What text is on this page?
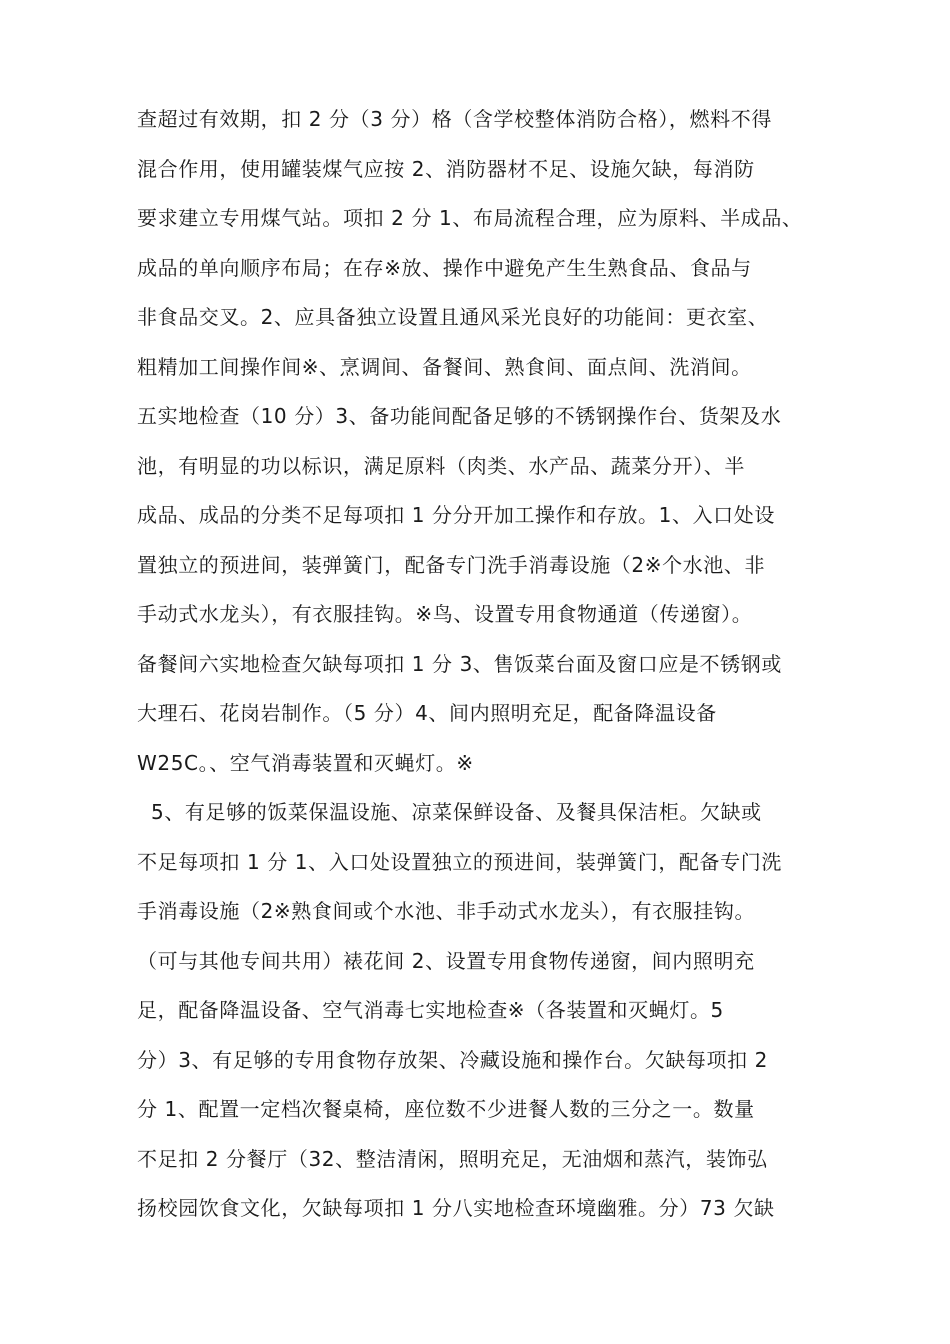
查超过有效期，扣 2 分（3 分）格（含学校整体消防合格），燃料不得
混合作用，使用罐装煤气应按 2、消防器材不足、设施欠缺，每消防
要求建立专用煤气站。项扣 2 分 1、布局流程合理，应为原料、半成品、
成品的单向顺序布局；在存※放、操作中避免产生生熟食品、食品与
非食品交叉。2、应具备独立设置且通风采光良好的功能间：更衣室、
粗精加工间操作间※、烹调间、备餐间、熟食间、面点间、洗消间。
五实地检查（10 分）3、备功能间配备足够的不锈钢操作台、货架及水
池，有明显的功以标识，满足原料（肉类、水产品、蔬菜分开）、半
成品、成品的分类不足每项扣 1 分分开加工操作和存放。1、入口处设
置独立的预进间，装弹簧门，配备专门洗手消毒设施（2※个水池、非
手动式水龙头），有衣服挂钩。※鸟、设置专用食物通道（传递窗）。
备餐间六实地检查欠缺每项扣 1 分 3、售饭菜台面及窗口应是不锈钢或
大理石、花岗岩制作。（5 分）4、间内照明充足，配备降温设备
W25C。、空气消毒装置和灭蝇灯。※
5、有足够的饭菜保温设施、凉菜保鲜设备、及餐具保洁柜。欠缺或
不足每项扣 1 分 1、入口处设置独立的预进间，装弹簧门，配备专门洗
手消毒设施（2※熟食间或个水池、非手动式水龙头），有衣服挂钩。
（可与其他专间共用）裱花间 2、设置专用食物传递窗，间内照明充
足，配备降温设备、空气消毒七实地检查※（各装置和灭蝇灯。5
分）3、有足够的专用食物存放架、冷藏设施和操作台。欠缺每项扣 2
分 1、配置一定档次餐桌椅，座位数不少进餐人数的三分之一。数量
不足扣 2 分餐厅（32、整洁清闲，照明充足，无油烟和蒸汽，装饰弘
扬校园饮食文化，欠缺每项扣 1 分八实地检查环境幽雅。分）73 欠缺
